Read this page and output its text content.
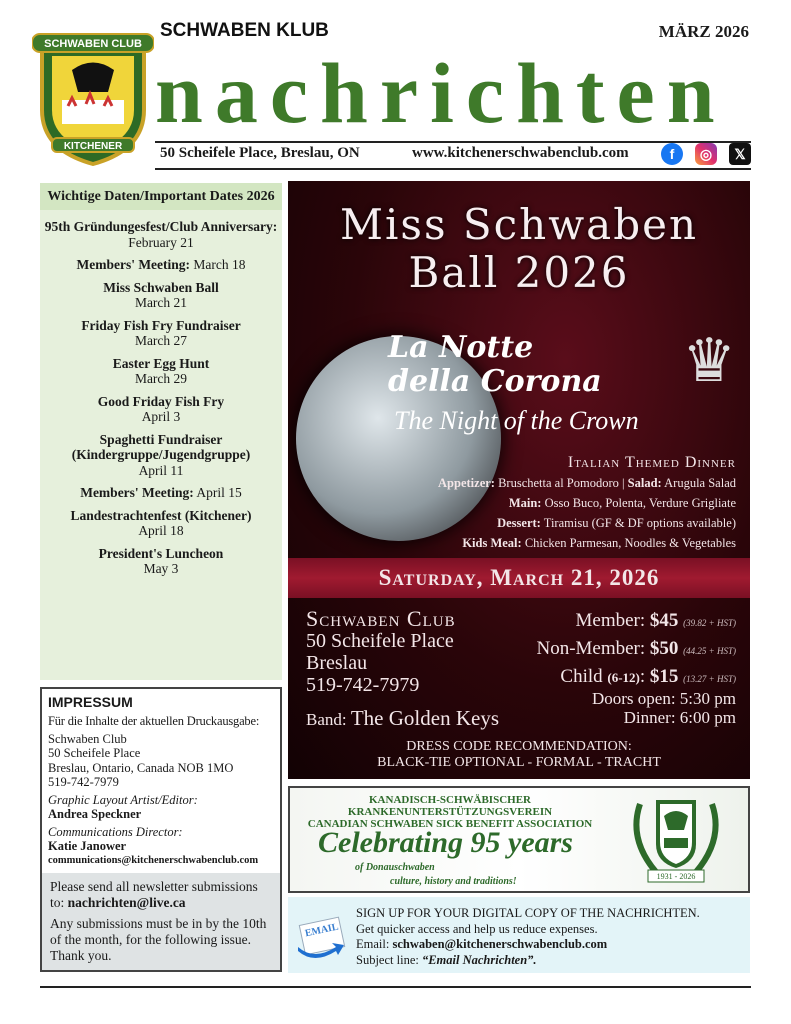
SCHWABEN CLUB
KITCHENER
SCHWABEN KLUB
nachrichten
MÄRZ 2026
50 Scheifele Place, Breslau, ON	www.kitchenerschwabenclub.com	f	◎	𝕏
Wichtige Daten/Important Dates 2026
95th Gründungesfest/Club Anniversary: February 21
Members' Meeting: March 18
Miss Schwaben Ball
March 21
Friday Fish Fry Fundraiser
March 27
Easter Egg Hunt
March 29
Good Friday Fish Fry
April 3
Spaghetti Fundraiser (Kindergruppe/Jugendgruppe)
April 11
Members' Meeting: April 15
Landestrachtenfest (Kitchener)
April 18
President's Luncheon
May 3
IMPRESSUM
Für die Inhalte der aktuellen Druckausgabe:
Schwaben Club
50 Scheifele Place
Breslau, Ontario, Canada NOB 1MO
519-742-7979
Graphic Layout Artist/Editor:
Andrea Speckner
Communications Director:
Katie Janower
communications@kitchenerschwabenclub.com
Please send all newsletter submissions to: nachrichten@live.ca
Any submissions must be in by the 10th of the month, for the following issue. Thank you.
Miss Schwaben
Ball 2026
♛
La Notte
della Corona
The Night of the Crown
Italian Themed Dinner
Appetizer: Bruschetta al Pomodoro | Salad: Arugula Salad
Main: Osso Buco, Polenta, Verdure Grigliate
Dessert: Tiramisu (GF & DF options available)
Kids Meal: Chicken Parmesan, Noodles & Vegetables
Saturday, March 21, 2026
Schwaben Club
50 Scheifele Place
Breslau
519-742-7979
Member: $45 (39.82 + HST)
Non-Member: $50 (44.25 + HST)
Child (6-12): $15 (13.27 + HST)
Doors open: 5:30 pm
Dinner: 6:00 pm
Band: The Golden Keys
DRESS CODE RECOMMENDATION:
BLACK-TIE OPTIONAL - FORMAL - TRACHT
KANADISCH-SCHWÄBISCHER
KRANKENUNTERSTÜTZUNGSVEREIN
CANADIAN SCHWABEN SICK BENEFIT ASSOCIATION
Celebrating 95 years
of Donauschwaben
culture, history and traditions!	1931 - 2026
EMAIL
SIGN UP FOR YOUR DIGITAL COPY OF THE NACHRICHTEN.
Get quicker access and help us reduce expenses.
Email: schwaben@kitchenerschwabenclub.com
Subject line: “Email Nachrichten”.
